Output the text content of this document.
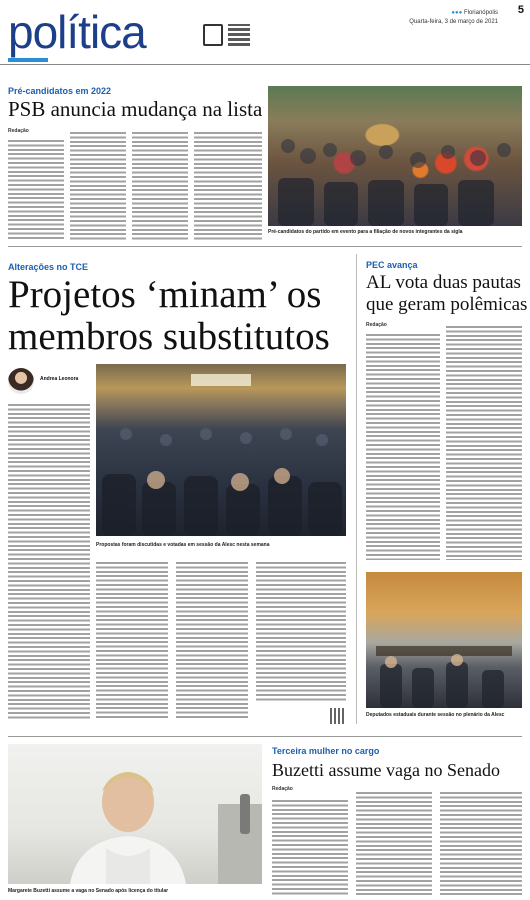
política	●●● Florianópolis
Quarta-feira, 3 de março de 2021
5
Pré-candidatos em 2022
PSB anuncia mudança na lista
Redação
Pré-candidatos do partido em evento para a filiação de novos integrantes da sigla
Alterações no TCE
Projetos ‘minam’ os
membros substitutos
Andrea Leonora
Propostas foram discutidas e votadas em sessão da Alesc nesta semana
PEC avança
AL vota duas pautas
que geram polêmicas
Redação
Deputados estaduais durante sessão no plenário da Alesc
Margarete Buzetti assume a vaga no Senado após licença do titular
Terceira mulher no cargo
Buzetti assume vaga no Senado
Redação
